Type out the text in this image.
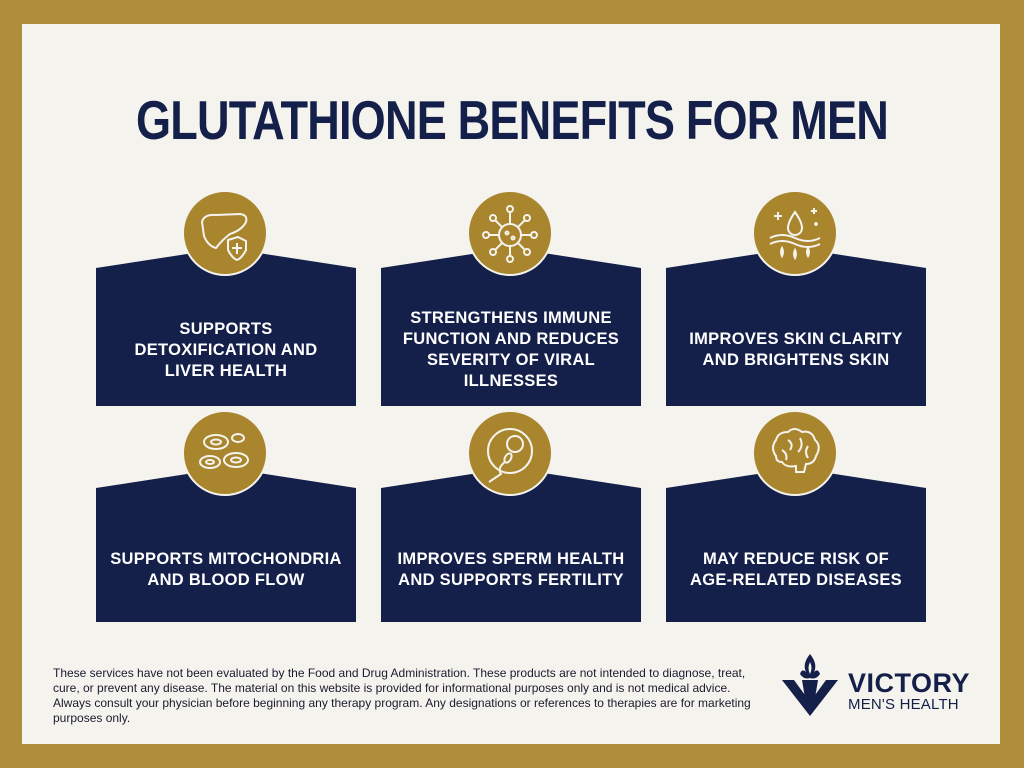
GLUTATHIONE BENEFITS FOR MEN
SUPPORTS DETOXIFICATION AND LIVER HEALTH
STRENGTHENS IMMUNE FUNCTION AND REDUCES SEVERITY OF VIRAL ILLNESSES
IMPROVES SKIN CLARITY AND BRIGHTENS SKIN
SUPPORTS MITOCHONDRIA AND BLOOD FLOW
IMPROVES SPERM HEALTH AND SUPPORTS FERTILITY
MAY REDUCE RISK OF AGE-RELATED DISEASES

These services have not been evaluated by the Food and Drug Administration. These products are not intended to diagnose, treat, cure, or prevent any disease. The material on this website is provided for informational purposes only and is not medical advice. Always consult your physician before beginning any therapy program. Any designations or references to therapies are for marketing purposes only.

VICTORY
MEN'S HEALTH
